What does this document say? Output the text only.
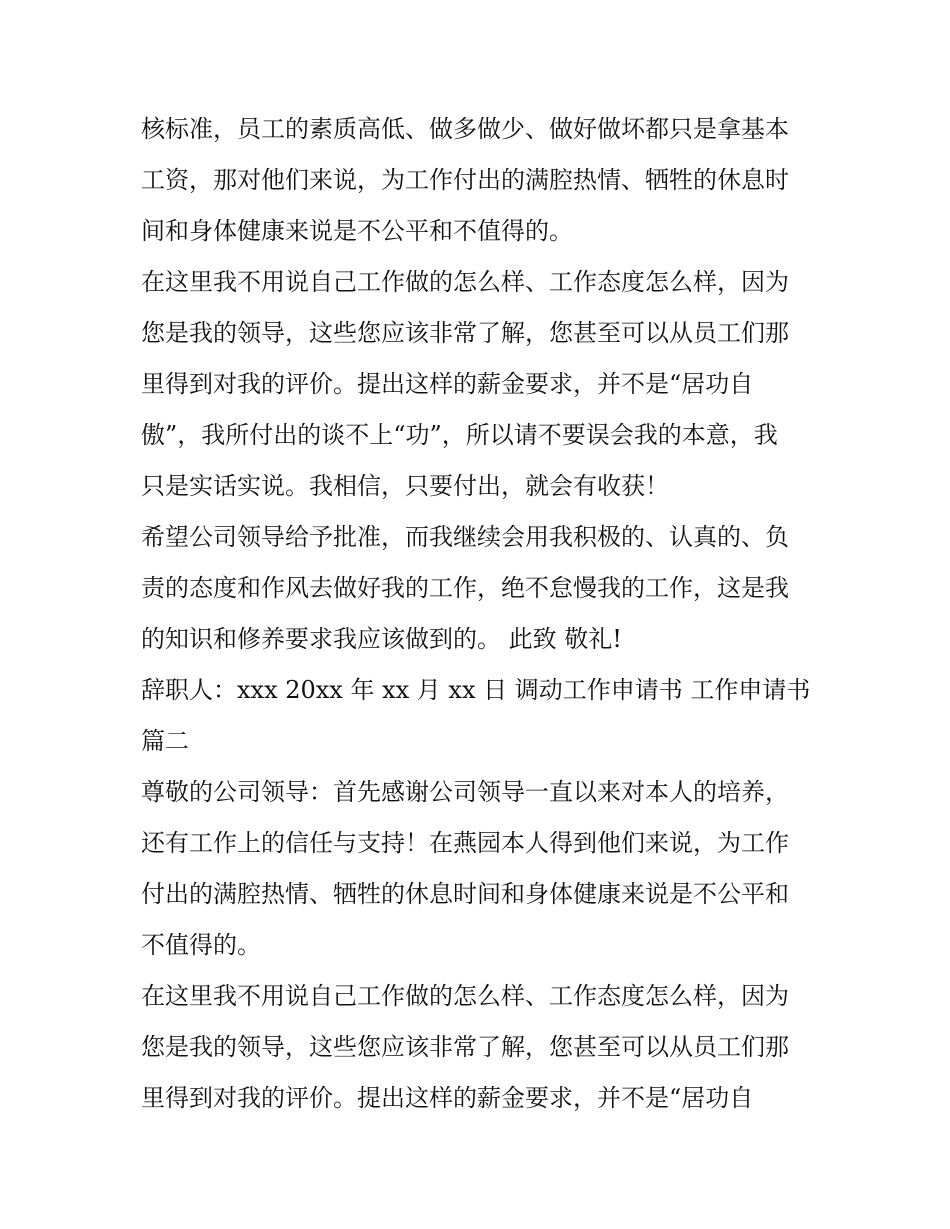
核标准，员工的素质高低、做多做少、做好做坏都只是拿基本
工资，那对他们来说，为工作付出的满腔热情、牺牲的休息时
间和身体健康来说是不公平和不值得的。
在这里我不用说自己工作做的怎么样、工作态度怎么样，因为
您是我的领导，这些您应该非常了解，您甚至可以从员工们那
里得到对我的评价。提出这样的薪金要求，并不是“居功自
傲”，我所付出的谈不上“功”，所以请不要误会我的本意，我
只是实话实说。我相信，只要付出，就会有收获！
希望公司领导给予批准，而我继续会用我积极的、认真的、负
责的态度和作风去做好我的工作，绝不怠慢我的工作，这是我
的知识和修养要求我应该做到的。 此致 敬礼!
辞职人：xxx 20xx 年 xx 月 xx 日 调动工作申请书 工作申请书
篇二
尊敬的公司领导：首先感谢公司领导一直以来对本人的培养，
还有工作上的信任与支持！在燕园本人得到他们来说，为工作
付出的满腔热情、牺牲的休息时间和身体健康来说是不公平和
不值得的。
在这里我不用说自己工作做的怎么样、工作态度怎么样，因为
您是我的领导，这些您应该非常了解，您甚至可以从员工们那
里得到对我的评价。提出这样的薪金要求，并不是“居功自
